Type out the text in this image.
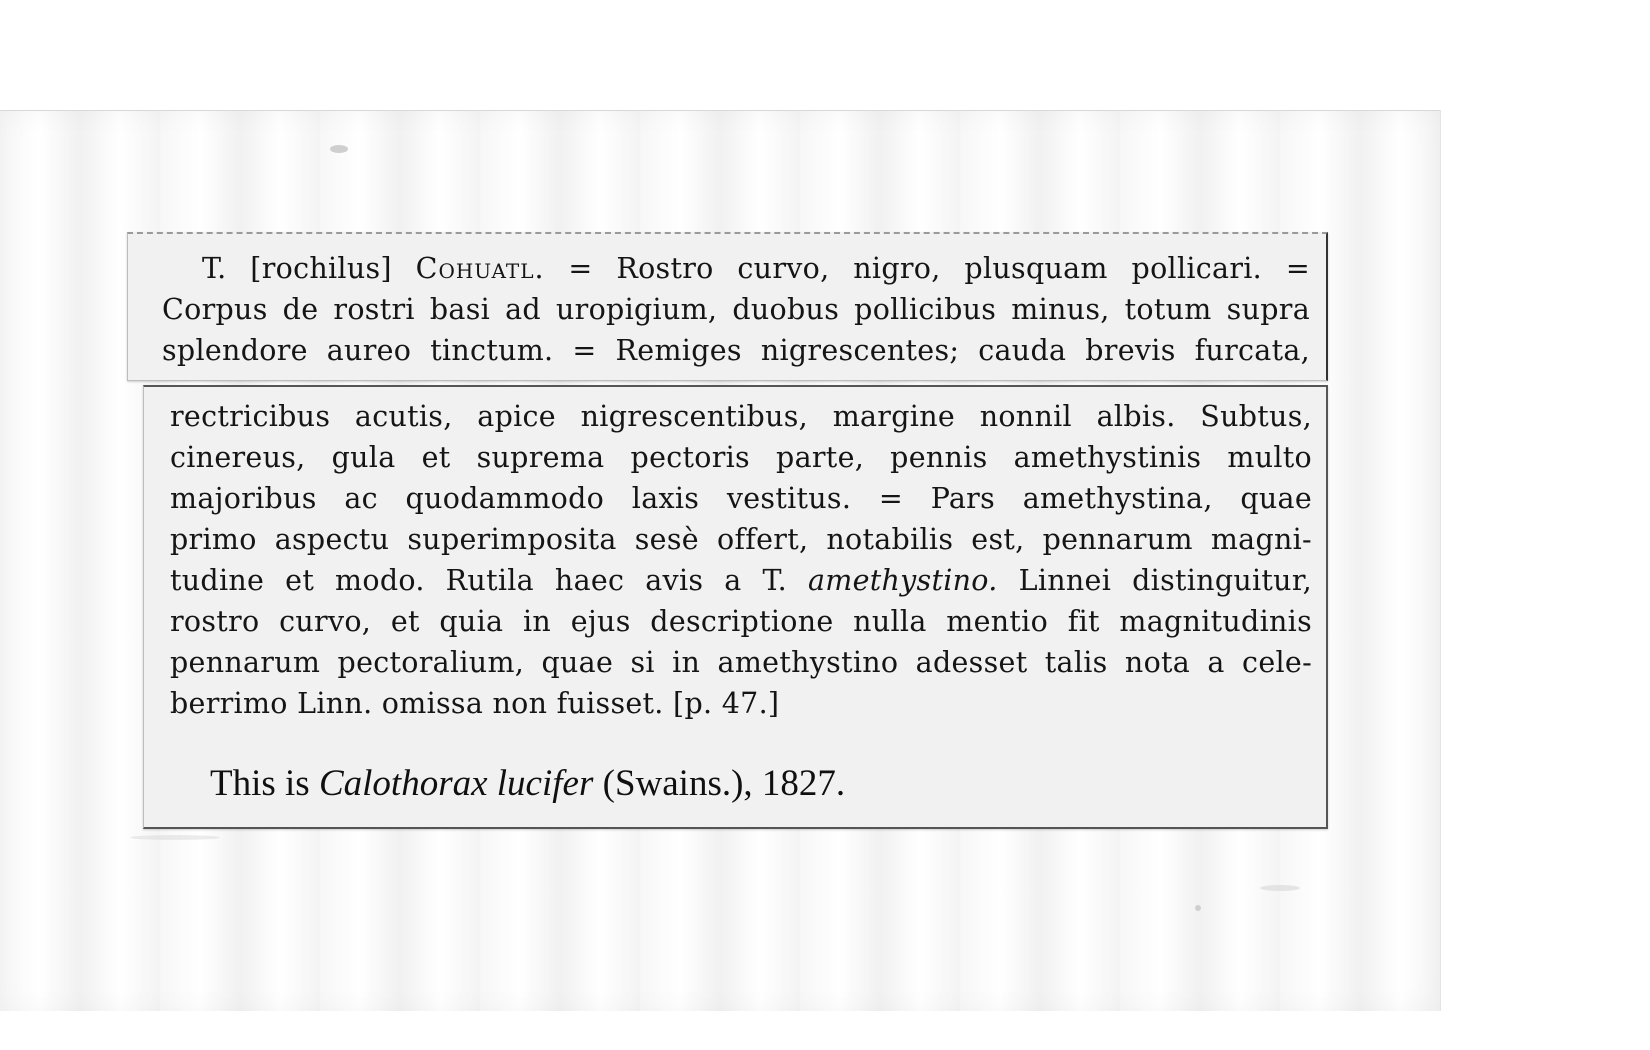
T. [rochilus] Cohuatl. = Rostro curvo, nigro, plusquam pollicari. =
Corpus de rostri basi ad uropigium, duobus pollicibus minus, totum supra
splendore aureo tinctum. = Remiges nigrescentes; cauda brevis furcata,
rectricibus acutis, apice nigrescentibus, margine nonnil albis. Subtus,
cinereus, gula et suprema pectoris parte, pennis amethystinis multo
majoribus ac quodammodo laxis vestitus. = Pars amethystina, quae
primo aspectu superimposita sesè offert, notabilis est, pennarum magni-
tudine et modo. Rutila haec avis a T. amethystino. Linnei distinguitur,
rostro curvo, et quia in ejus descriptione nulla mentio fit magnitudinis
pennarum pectoralium, quae si in amethystino adesset talis nota a cele-
berrimo Linn. omissa non fuisset. [p. 47.]
This is Calothorax lucifer (Swains.), 1827.
